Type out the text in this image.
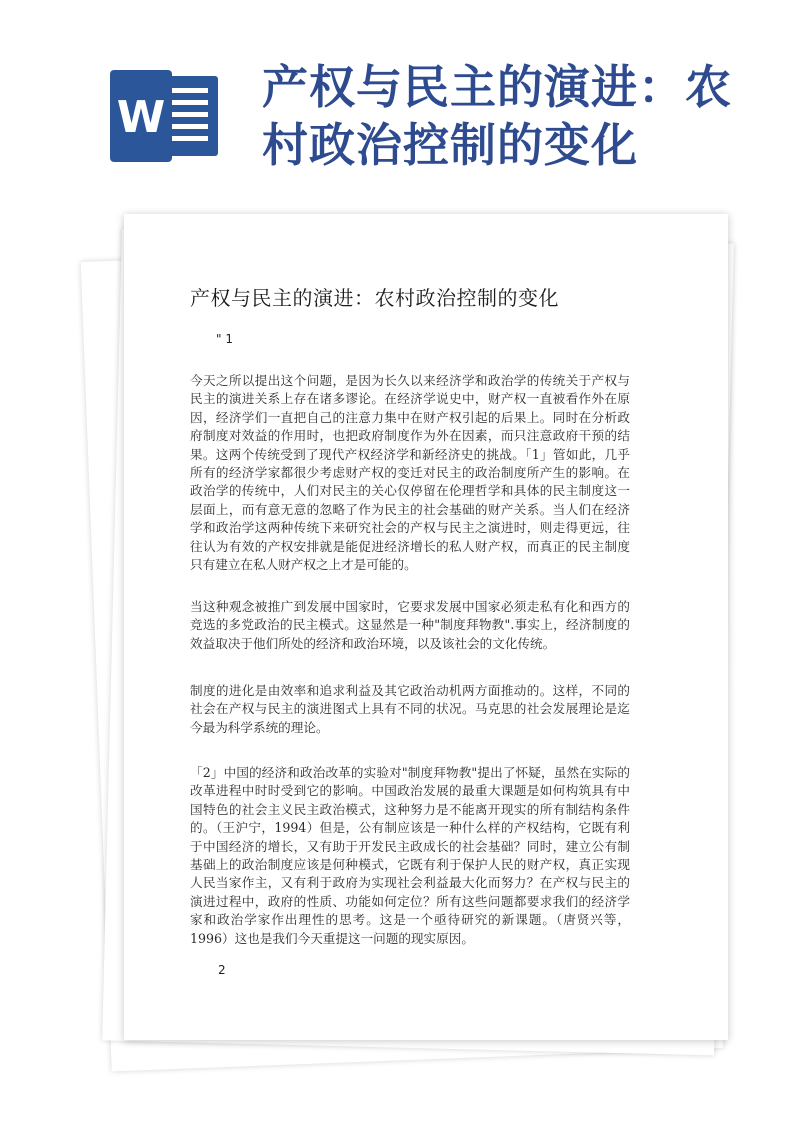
W
产权与民主的演进：农村政治控制的变化
产权与民主的演进：农村政治控制的变化
" 1

今天之所以提出这个问题，是因为长久以来经济学和政治学的传统关于产权与民主的演进关系上存在诸多谬论。在经济学说史中，财产权一直被看作外在原因，经济学们一直把自己的注意力集中在财产权引起的后果上。同时在分析政府制度对效益的作用时，也把政府制度作为外在因素，而只注意政府干预的结果。这两个传统受到了现代产权经济学和新经济史的挑战。「1」管如此，几乎所有的经济学家都很少考虑财产权的变迁对民主的政治制度所产生的影响。在政治学的传统中，人们对民主的关心仅停留在伦理哲学和具体的民主制度这一层面上，而有意无意的忽略了作为民主的社会基础的财产关系。当人们在经济学和政治学这两种传统下来研究社会的产权与民主之演进时，则走得更远，往往认为有效的产权安排就是能促进经济增长的私人财产权，而真正的民主制度只有建立在私人财产权之上才是可能的。

当这种观念被推广到发展中国家时，它要求发展中国家必须走私有化和西方的竞选的多党政治的民主模式。这显然是一种"制度拜物教".事实上，经济制度的效益取决于他们所处的经济和政治环境，以及该社会的文化传统。

制度的进化是由效率和追求利益及其它政治动机两方面推动的。这样，不同的社会在产权与民主的演进图式上具有不同的状况。马克思的社会发展理论是迄今最为科学系统的理论。

「2」中国的经济和政治改革的实验对"制度拜物教"提出了怀疑，虽然在实际的改革进程中时时受到它的影响。中国政治发展的最重大课题是如何构筑具有中国特色的社会主义民主政治模式，这种努力是不能离开现实的所有制结构条件的。（王沪宁，1994）但是，公有制应该是一种什么样的产权结构，它既有利于中国经济的增长，又有助于开发民主政成长的社会基础？同时，建立公有制基础上的政治制度应该是何种模式，它既有利于保护人民的财产权，真正实现人民当家作主，又有利于政府为实现社会利益最大化而努力？在产权与民主的演进过程中，政府的性质、功能如何定位？所有这些问题都要求我们的经济学家和政治学家作出理性的思考。这是一个亟待研究的新课题。（唐贤兴等，1996）这也是我们今天重提这一问题的现实原因。

2
